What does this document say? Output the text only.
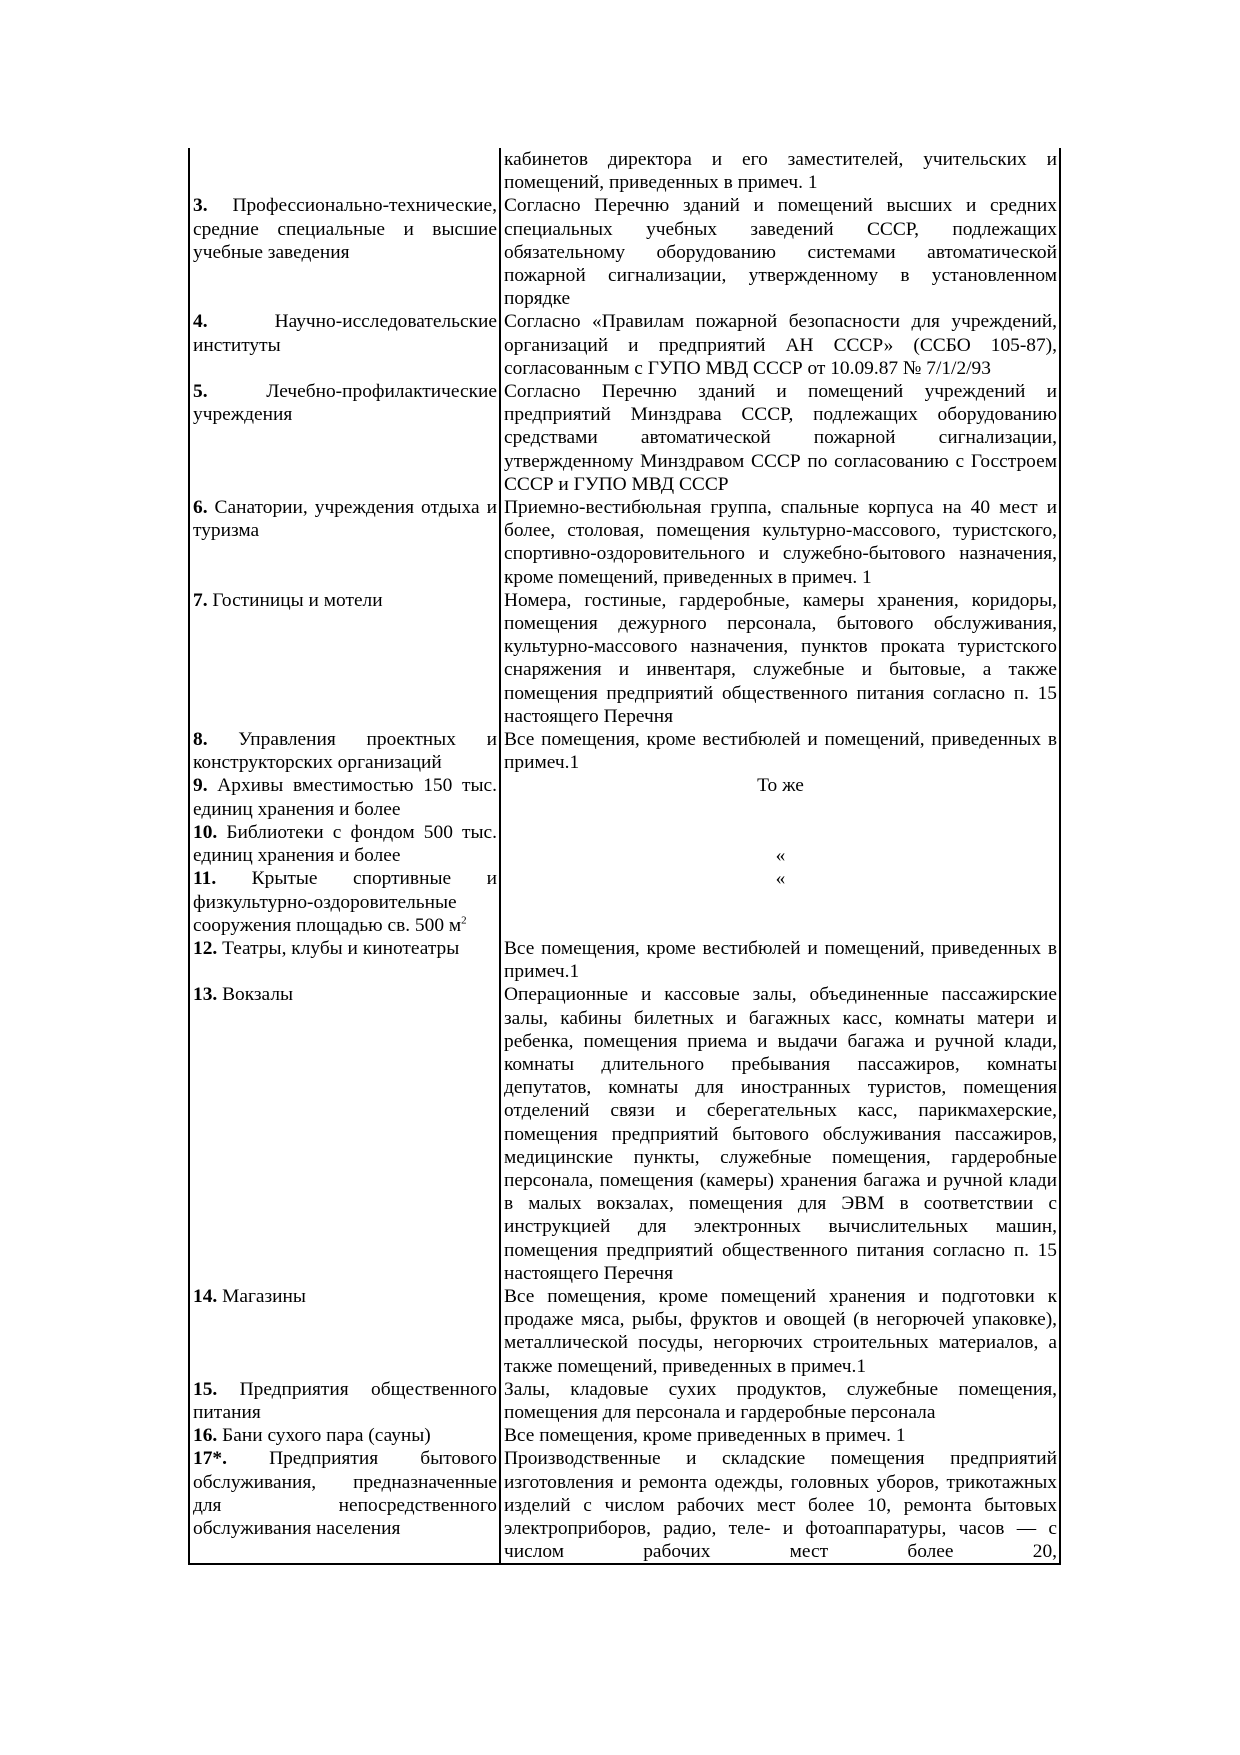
	кабинетов директора и его заместителей, учительских и помещений, приведенных в примеч. 1
3. Профессионально-технические, средние специальные и высшие учебные заведения	Согласно Перечню зданий и помещений высших и средних специальных учебных заведений СССР, подлежащих обязательному оборудованию системами автоматической пожарной сигнализации, утвержденному в установленном порядке
4. Научно-исследовательские институты	Согласно «Правилам пожарной безопасности для учреждений, организаций и предприятий АН СССР» (ССБО 105-87), согласованным с ГУПО МВД СССР от 10.09.87 № 7/1/2/93
5. Лечебно-профилактические учреждения	Согласно Перечню зданий и помещений учреждений и предприятий Минздрава СССР, подлежащих оборудованию средствами автоматической пожарной сигнализации, утвержденному Минздравом СССР по согласованию с Госстроем СССР и ГУПО МВД СССР
6. Санатории, учреждения отдыха и туризма	Приемно-вестибюльная группа, спальные корпуса на 40 мест и более, столовая, помещения культурно-массового, туристского, спортивно-оздоровительного и служебно-бытового назначения, кроме помещений, приведенных в примеч. 1
7. Гостиницы и мотели	Номера, гостиные, гардеробные, камеры хранения, коридоры, помещения дежурного персонала, бытового обслуживания, культурно-массового назначения, пунктов проката туристского снаряжения и инвентаря, служебные и бытовые, а также помещения предприятий общественного питания согласно п. 15 настоящего Перечня
8. Управления проектных и конструкторских организаций	Все помещения, кроме вестибюлей и помещений, приведенных в примеч.1
9. Архивы вместимостью 150 тыс. единиц хранения и более	То же
10. Библиотеки с фондом 500 тыс. единиц хранения и более	«
11. Крытые спортивные и физкультурно-оздоровительные сооружения площадью св. 500 $м^2$	«
12. Театры, клубы и кинотеатры	Все помещения, кроме вестибюлей и помещений, приведенных в примеч.1
13. Вокзалы	Операционные и кассовые залы, объединенные пассажирские залы, кабины билетных и багажных касс, комнаты матери и ребенка, помещения приема и выдачи багажа и ручной клади, комнаты длительного пребывания пассажиров, комнаты депутатов, комнаты для иностранных туристов, помещения отделений связи и сберегательных касс, парикмахерские, помещения предприятий бытового обслуживания пассажиров, медицинские пункты, служебные помещения, гардеробные персонала, помещения (камеры) хранения багажа и ручной клади в малых вокзалах, помещения для ЭВМ в соответствии с инструкцией для электронных вычислительных машин, помещения предприятий общественного питания согласно п. 15 настоящего Перечня
14. Магазины	Все помещения, кроме помещений хранения и подготовки к продаже мяса, рыбы, фруктов и овощей (в негорючей упаковке), металлической посуды, негорючих строительных материалов, а также помещений, приведенных в примеч.1
15. Предприятия общественного питания	Залы, кладовые сухих продуктов, служебные помещения, помещения для персонала и гардеробные персонала
16. Бани сухого пара (сауны)	Все помещения, кроме приведенных в примеч. 1
17*. Предприятия бытового обслуживания, предназначенные для непосредственного обслуживания населения	Производственные и складские помещения предприятий изготовления и ремонта одежды, головных уборов, трикотажных изделий с числом рабочих мест более 10, ремонта бытовых электроприборов, радио, теле- и фотоаппаратуры, часов — с числом рабочих мест более 20,
